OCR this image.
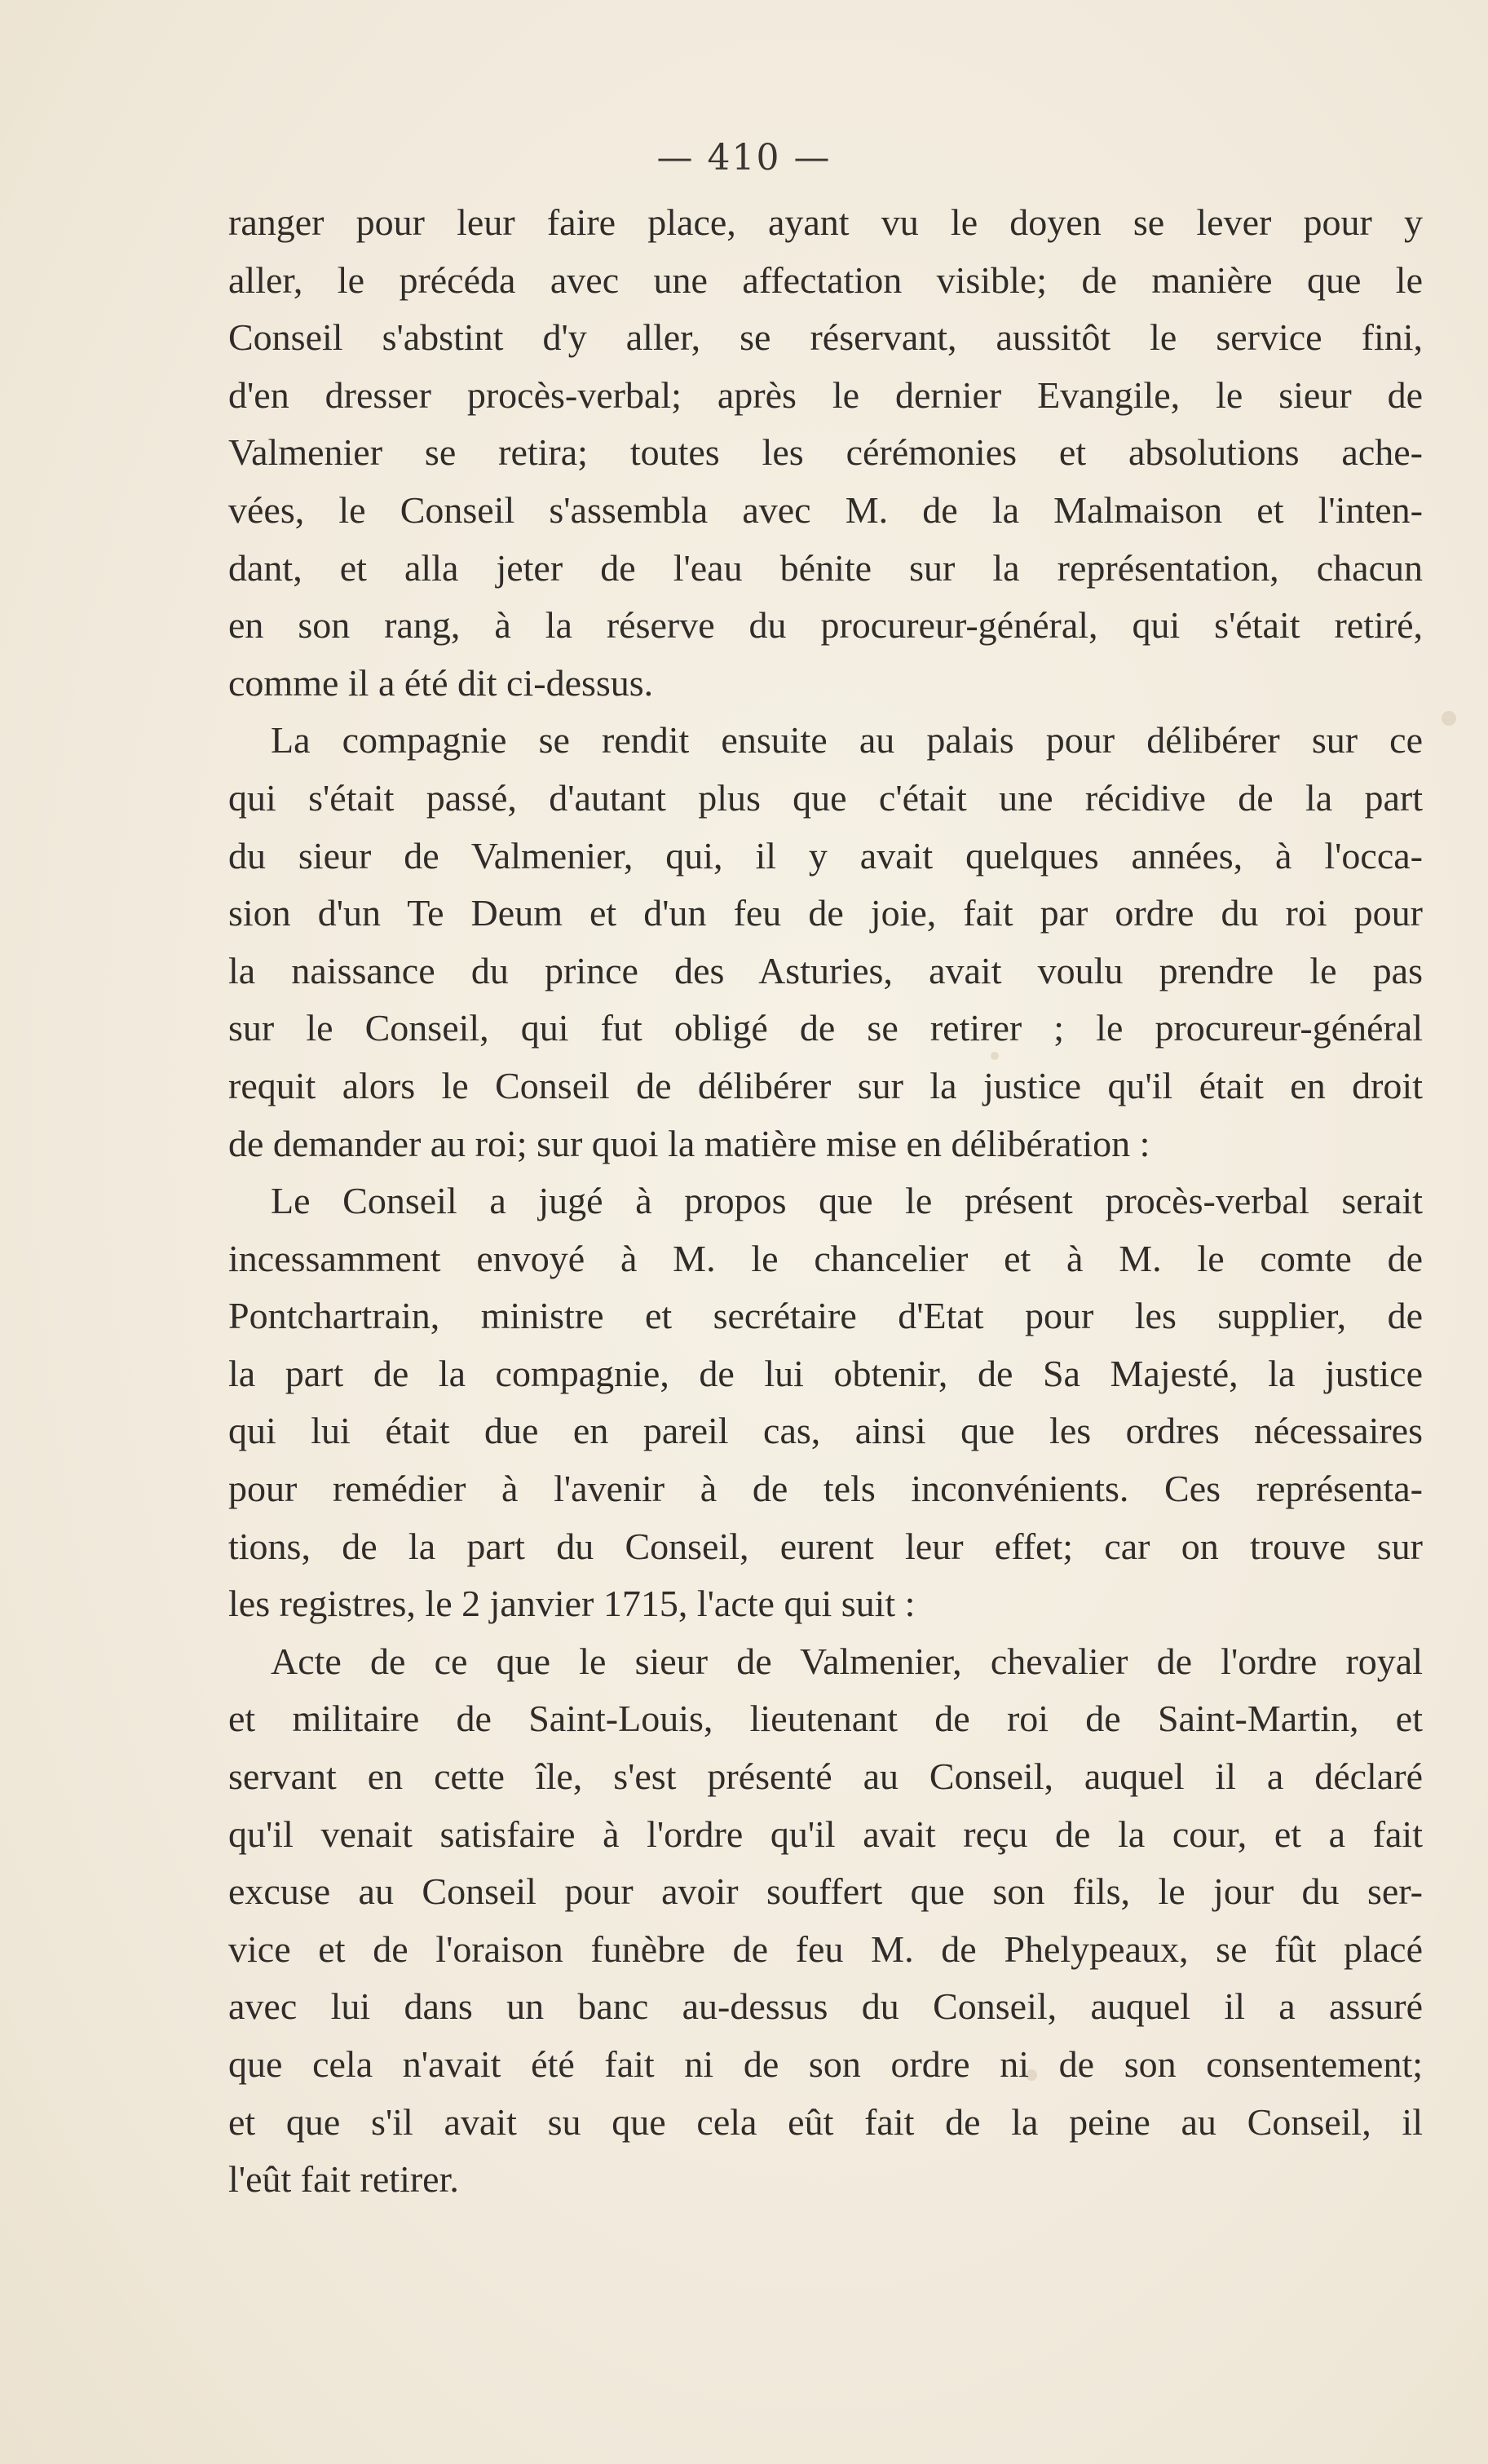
— 410 —
ranger pour leur faire place, ayant vu le doyen se lever pour y
aller, le précéda avec une affectation visible; de manière que le
Conseil s'abstint d'y aller, se réservant, aussitôt le service fini,
d'en dresser procès-verbal; après le dernier Evangile, le sieur de
Valmenier se retira; toutes les cérémonies et absolutions ache-
vées, le Conseil s'assembla avec M. de la Malmaison et l'inten-
dant, et alla jeter de l'eau bénite sur la représentation, chacun
en son rang, à la réserve du procureur-général, qui s'était retiré,
comme il a été dit ci-dessus.
La compagnie se rendit ensuite au palais pour délibérer sur ce
qui s'était passé, d'autant plus que c'était une récidive de la part
du sieur de Valmenier, qui, il y avait quelques années, à l'occa-
sion d'un Te Deum et d'un feu de joie, fait par ordre du roi pour
la naissance du prince des Asturies, avait voulu prendre le pas
sur le Conseil, qui fut obligé de se retirer ; le procureur-général
requit alors le Conseil de délibérer sur la justice qu'il était en droit
de demander au roi; sur quoi la matière mise en délibération :
Le Conseil a jugé à propos que le présent procès-verbal serait
incessamment envoyé à M. le chancelier et à M. le comte de
Pontchartrain, ministre et secrétaire d'Etat pour les supplier, de
la part de la compagnie, de lui obtenir, de Sa Majesté, la justice
qui lui était due en pareil cas, ainsi que les ordres nécessaires
pour remédier à l'avenir à de tels inconvénients. Ces représenta-
tions, de la part du Conseil, eurent leur effet; car on trouve sur
les registres, le 2 janvier 1715, l'acte qui suit :
Acte de ce que le sieur de Valmenier, chevalier de l'ordre royal
et militaire de Saint-Louis, lieutenant de roi de Saint-Martin, et
servant en cette île, s'est présenté au Conseil, auquel il a déclaré
qu'il venait satisfaire à l'ordre qu'il avait reçu de la cour, et a fait
excuse au Conseil pour avoir souffert que son fils, le jour du ser-
vice et de l'oraison funèbre de feu M. de Phelypeaux, se fût placé
avec lui dans un banc au-dessus du Conseil, auquel il a assuré
que cela n'avait été fait ni de son ordre ni de son consentement;
et que s'il avait su que cela eût fait de la peine au Conseil, il
l'eût fait retirer.
